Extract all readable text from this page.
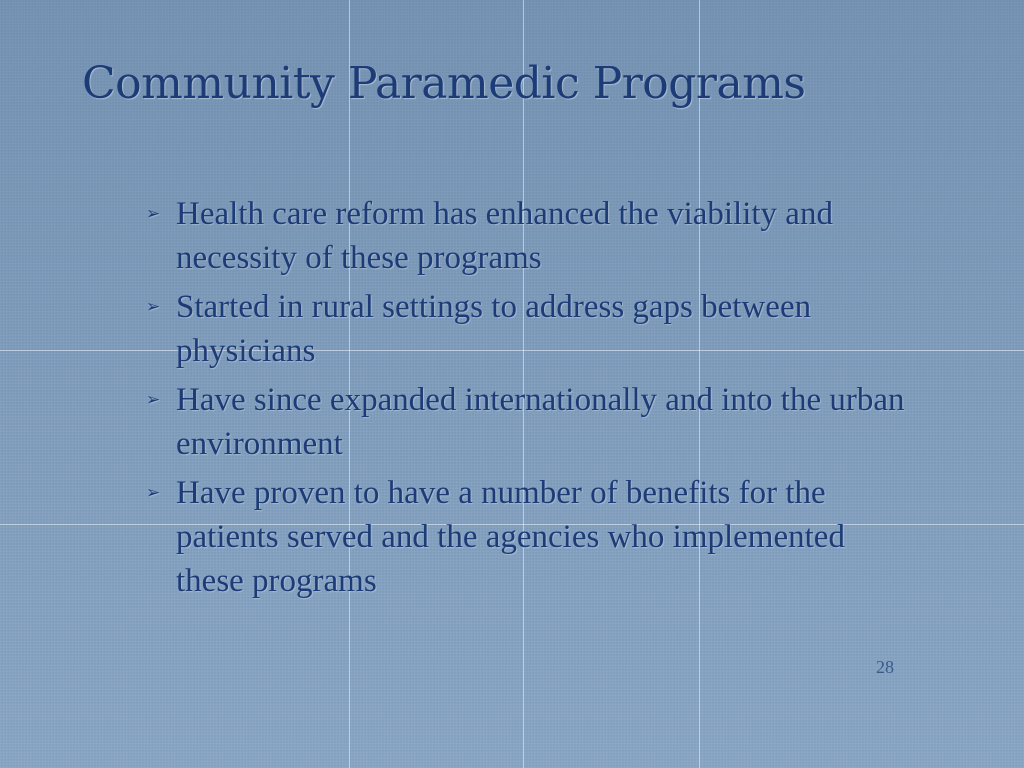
Community Paramedic Programs
➢ Health care reform has enhanced the viability and necessity of these programs
➢ Started in rural settings to address gaps between physicians
➢ Have since expanded internationally and into the urban environment
➢ Have proven to have a number of benefits for the patients served and the agencies who implemented these programs
28
